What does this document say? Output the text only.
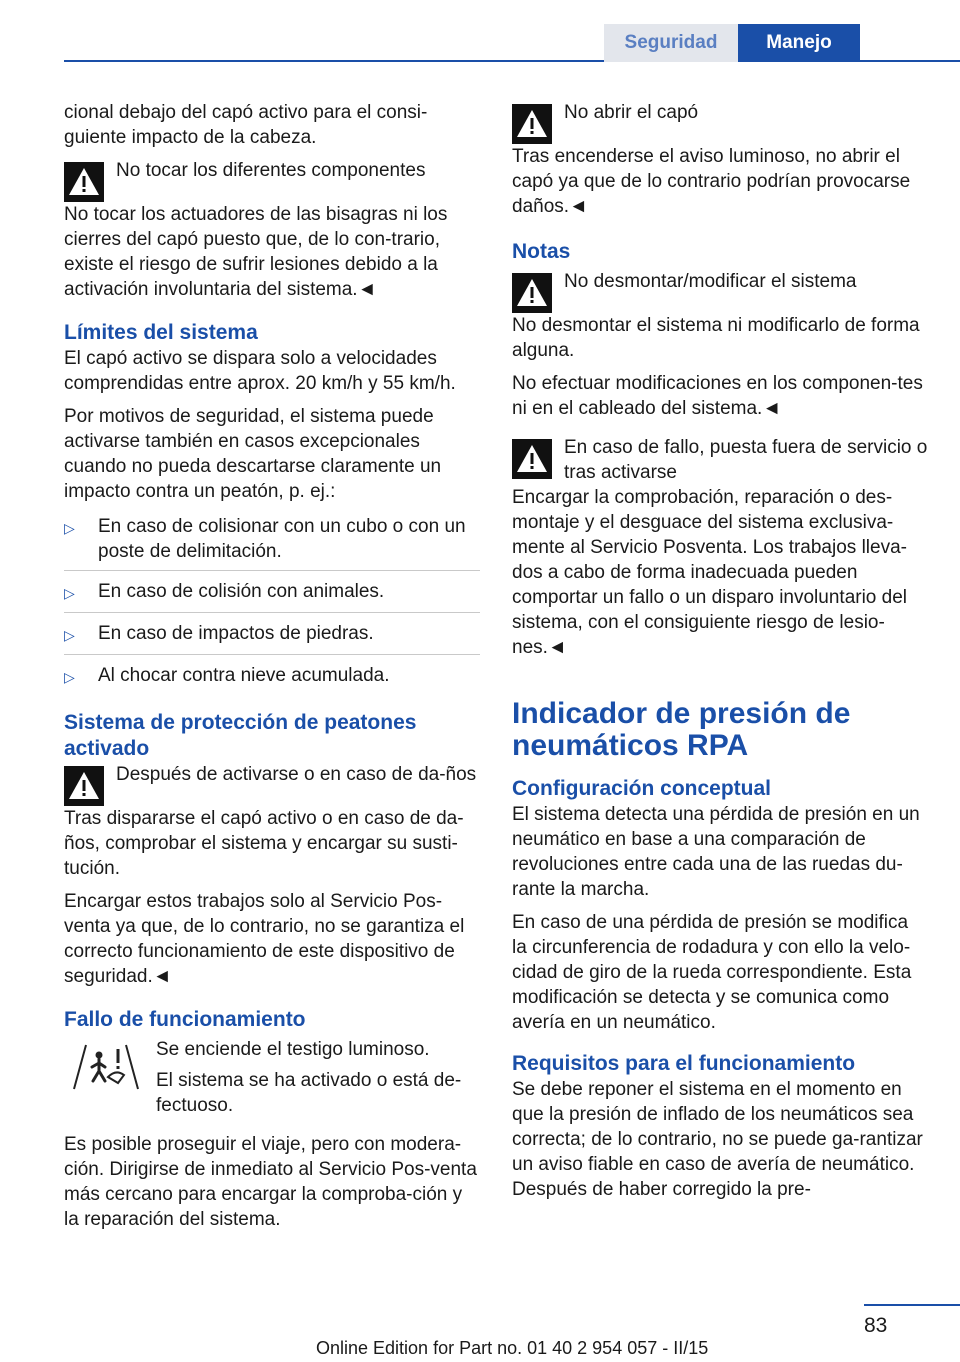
Seguridad	Manejo

cional debajo del capó activo para el consi-guiente impacto de la cabeza.

No tocar los diferentes componentes
No tocar los actuadores de las bisagras ni los cierres del capó puesto que, de lo con-trario, existe el riesgo de sufrir lesiones debido a la activación involuntaria del sistema.◄
Límites del sistema

El capó activo se dispara solo a velocidades comprendidas entre aprox. 20 km/h y 55 km/h.

Por motivos de seguridad, el sistema puede activarse también en casos excepcionales cuando no pueda descartarse claramente un impacto contra un peatón, p. ej.:

▷	En caso de colisionar con un cubo o con un poste de delimitación.
▷	En caso de colisión con animales.
▷	En caso de impactos de piedras.
▷	Al chocar contra nieve acumulada.
Sistema de protección de peatones activado
Después de activarse o en caso de da-ños
Tras dispararse el capó activo o en caso de da-ños, comprobar el sistema y encargar su susti-tución.

Encargar estos trabajos solo al Servicio Pos-venta ya que, de lo contrario, no se garantiza el correcto funcionamiento de este dispositivo de seguridad.◄

Fallo de funcionamiento

Se enciende el testigo luminoso.

El sistema se ha activado o está de-fectuoso.

Es posible proseguir el viaje, pero con modera-ción. Dirigirse de inmediato al Servicio Pos-venta más cercano para encargar la comproba-ción y la reparación del sistema.

No abrir el capó
Tras encenderse el aviso luminoso, no abrir el capó ya que de lo contrario podrían provocarse daños.◄
Notas
No desmontar/modificar el sistema
No desmontar el sistema ni modificarlo de forma alguna.

No efectuar modificaciones en los componen-tes ni en el cableado del sistema.◄

En caso de fallo, puesta fuera de servicio o tras activarse
Encargar la comprobación, reparación o des-montaje y el desguace del sistema exclusiva-mente al Servicio Posventa. Los trabajos lleva-dos a cabo de forma inadecuada pueden comportar un fallo o un disparo involuntario del sistema, con el consiguiente riesgo de lesio-nes.◄
Indicador de presión de neumáticos RPA
Configuración conceptual

El sistema detecta una pérdida de presión en un neumático en base a una comparación de revoluciones entre cada una de las ruedas du-rante la marcha.

En caso de una pérdida de presión se modifica la circunferencia de rodadura y con ello la velo-cidad de giro de la rueda correspondiente. Esta modificación se detecta y se comunica como avería en un neumático.

Requisitos para el funcionamiento

Se debe reponer el sistema en el momento en que la presión de inflado de los neumáticos sea correcta; de lo contrario, no se puede ga-rantizar un aviso fiable en caso de avería de neumático. Después de haber corregido la pre-

83
Online Edition for Part no. 01 40 2 954 057 - II/15
